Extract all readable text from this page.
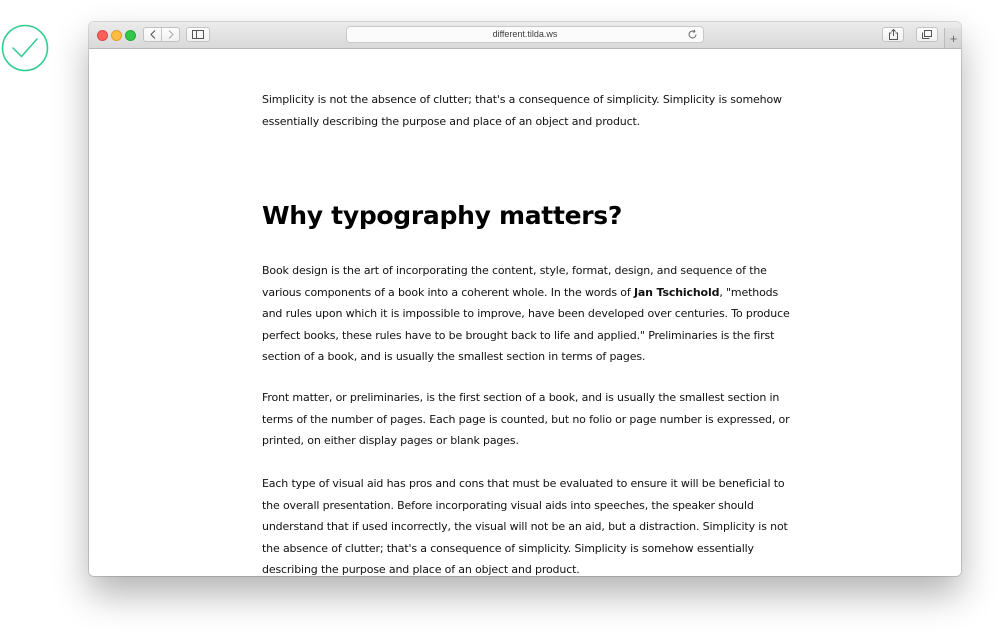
different.tilda.ws	+

Simplicity is not the absence of clutter; that's a consequence of simplicity. Simplicity is somehow essentially describing the purpose and place of an object and product.

Why typography matters?

Book design is the art of incorporating the content, style, format, design, and sequence of the various components of a book into a coherent whole. In the words of Jan Tschichold, "methods and rules upon which it is impossible to improve, have been developed over centuries. To produce perfect books, these rules have to be brought back to life and applied." Preliminaries is the first section of a book, and is usually the smallest section in terms of pages.

Front matter, or preliminaries, is the first section of a book, and is usually the smallest section in terms of the number of pages. Each page is counted, but no folio or page number is expressed, or printed, on either display pages or blank pages.

Each type of visual aid has pros and cons that must be evaluated to ensure it will be beneficial to the overall presentation. Before incorporating visual aids into speeches, the speaker should understand that if used incorrectly, the visual will not be an aid, but a distraction. Simplicity is not the absence of clutter; that's a consequence of simplicity. Simplicity is somehow essentially describing the purpose and place of an object and product.
